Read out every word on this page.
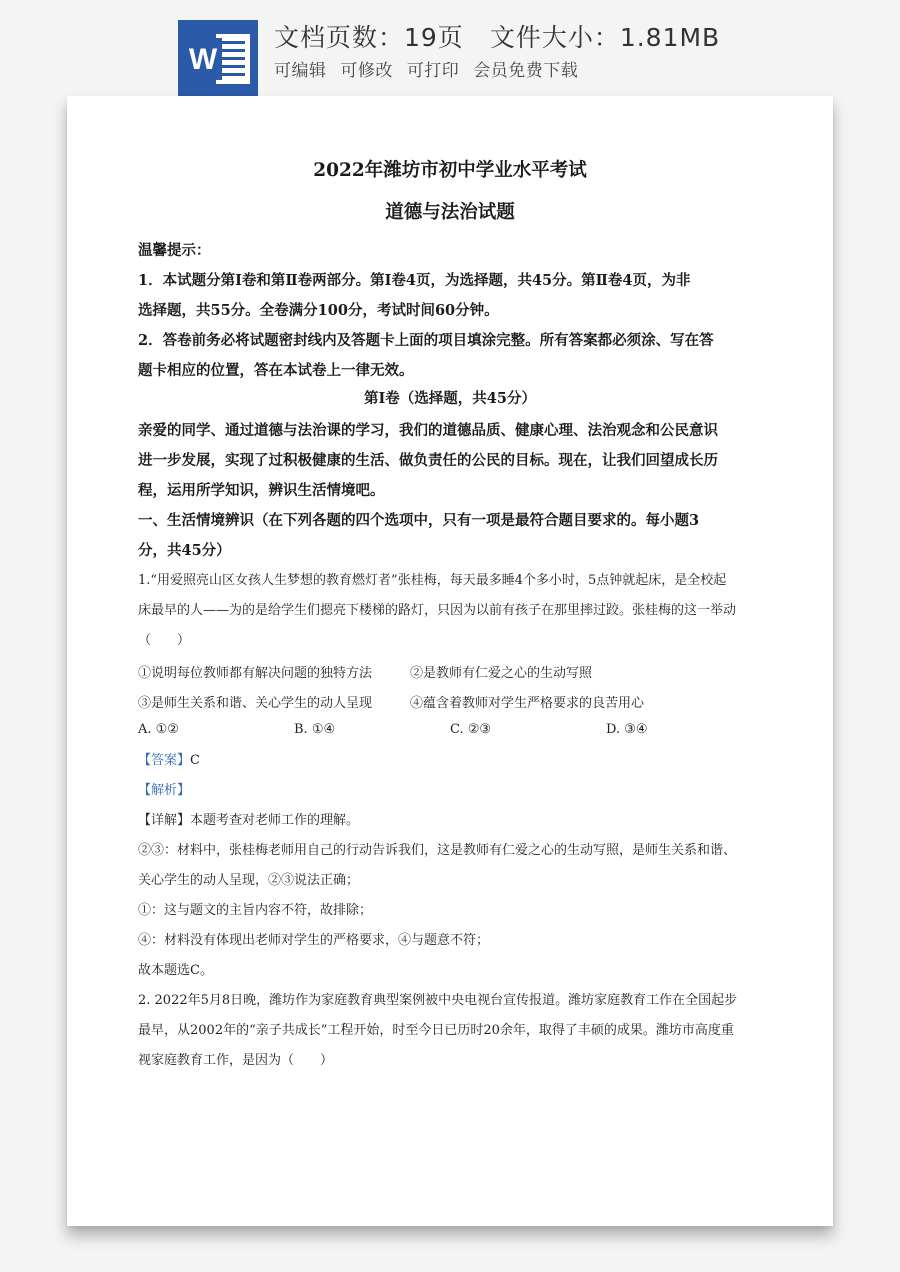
W
文档页数：19页 文件大小：1.81MB
可编辑 可修改 可打印 会员免费下载
2022年潍坊市初中学业水平考试
道德与法治试题
温馨提示：
1．本试题分第Ⅰ卷和第Ⅱ卷两部分。第Ⅰ卷4页，为选择题，共45分。第Ⅱ卷4页，为非
选择题，共55分。全卷满分100分，考试时间60分钟。
2．答卷前务必将试题密封线内及答题卡上面的项目填涂完整。所有答案都必须涂、写在答
题卡相应的位置，答在本试卷上一律无效。
第Ⅰ卷（选择题，共45分）
亲爱的同学、通过道德与法治课的学习，我们的道德品质、健康心理、法治观念和公民意识
进一步发展，实现了过积极健康的生活、做负责任的公民的目标。现在，让我们回望成长历
程，运用所学知识，辨识生活情境吧。
一、生活情境辨识（在下列各题的四个选项中，只有一项是最符合题目要求的。每小题3
分，共45分）
1.“用爱照亮山区女孩人生梦想的教育燃灯者”张桂梅，每天最多睡4个多小时，5点钟就起床，是全校起
床最早的人——为的是给学生们摁亮下楼梯的路灯，只因为以前有孩子在那里摔过跤。张桂梅的这一举动
（　　）
①说明每位教师都有解决问题的独特方法	②是教师有仁爱之心的生动写照
③是师生关系和谐、关心学生的动人呈现	④蕴含着教师对学生严格要求的良苦用心
A. ①②	B. ①④	C. ②③	D. ③④
【答案】C
【解析】
【详解】本题考查对老师工作的理解。
②③：材料中，张桂梅老师用自己的行动告诉我们，这是教师有仁爱之心的生动写照，是师生关系和谐、
关心学生的动人呈现，②③说法正确；
①：这与题文的主旨内容不符，故排除；
④：材料没有体现出老师对学生的严格要求，④与题意不符；
故本题选C。
2. 2022年5月8日晚，潍坊作为家庭教育典型案例被中央电视台宣传报道。潍坊家庭教育工作在全国起步
最早，从2002年的“亲子共成长”工程开始，时至今日已历时20余年，取得了丰硕的成果。潍坊市高度重
视家庭教育工作，是因为（　　）
